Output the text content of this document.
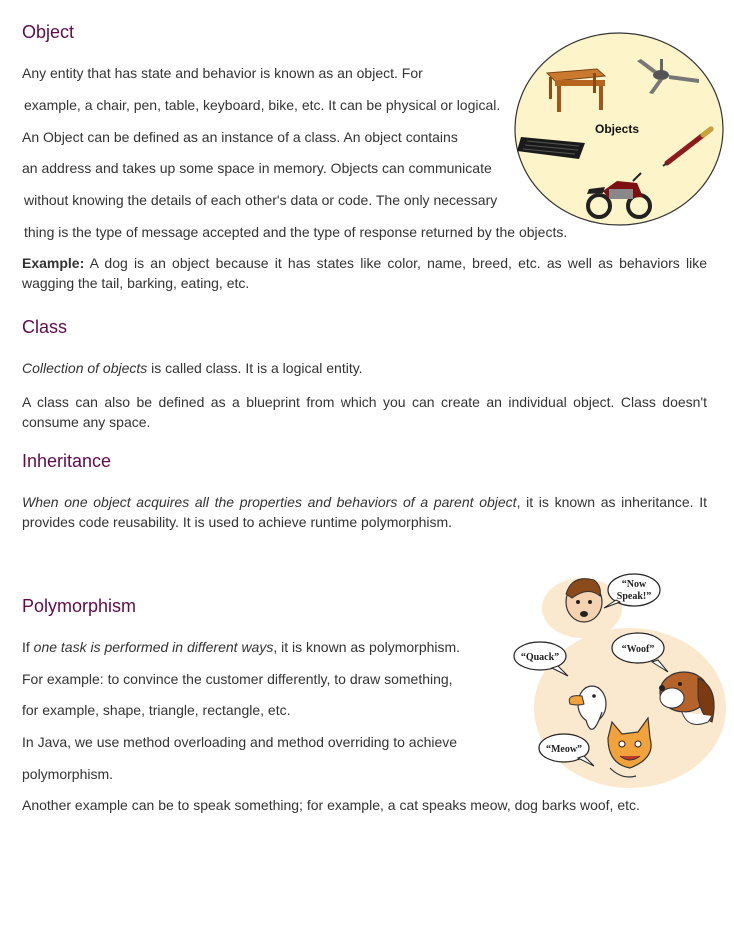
Object
Any entity that has state and behavior is known as an object. For
example, a chair, pen, table, keyboard, bike, etc. It can be physical or logical.
An Object can be defined as an instance of a class. An object contains
an address and takes up some space in memory. Objects can communicate
without knowing the details of each other's data or code. The only necessary
thing is the type of message accepted and the type of response returned by the objects.
Example: A dog is an object because it has states like color, name, breed, etc. as well as behaviors like wagging the tail, barking, eating, etc.
Objects
Class
Collection of objects is called class. It is a logical entity.
A class can also be defined as a blueprint from which you can create an individual object. Class doesn't consume any space.
Inheritance
When one object acquires all the properties and behaviors of a parent object, it is known as inheritance. It provides code reusability. It is used to achieve runtime polymorphism.
Polymorphism
If one task is performed in different ways, it is known as polymorphism.
For example: to convince the customer differently, to draw something,
for example, shape, triangle, rectangle, etc.
In Java, we use method overloading and method overriding to achieve
polymorphism.
Another example can be to speak something; for example, a cat speaks meow, dog barks woof, etc.
“Now
Speak!”
“Quack”
“Woof”
“Meow”
